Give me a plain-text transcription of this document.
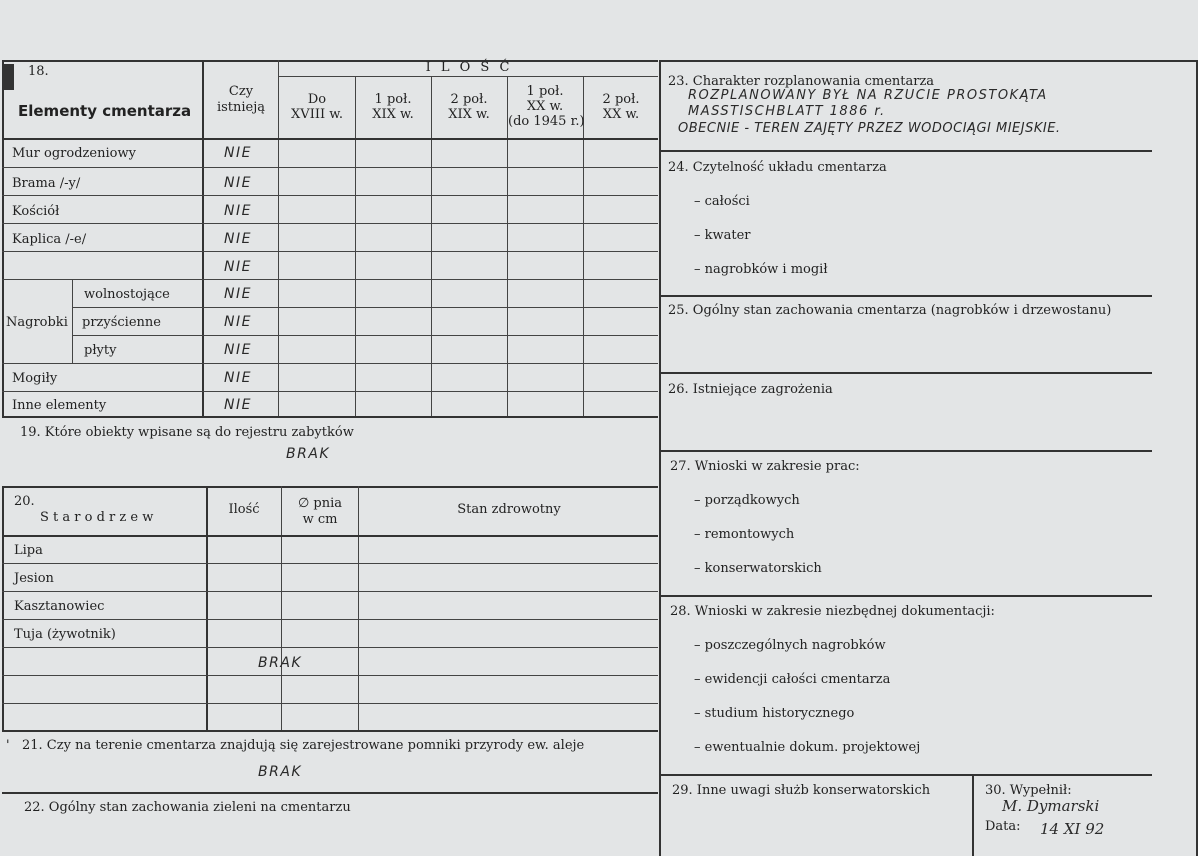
18.
Elementy cmentarza
Czy
istnieją
I L O Ś Ć
Do
XVIII w.
1 poł.
XIX w.
2 poł.
XIX w.
1 poł.
XX w.
(do 1945 r.)
2 poł.
XX w.
Mur ogrodzeniowy
Brama /-y/
Kościół
Kaplica /-e/
Nagrobki
wolnostojące
przyścienne
płyty
Mogiły
Inne elementy
NIE
NIE
NIE
NIE
NIE
NIE
NIE
NIE
NIE
NIE
19. Które obiekty wpisane są do rejestru zabytków
BRAK
20.
S t a r o d r z e w
Ilość	∅ pnia
w cm
Stan zdrowotny
Lipa
Jesion
Kasztanowiec
Tuja (żywotnik)
BRAK
' 21. Czy na terenie cmentarza znajdują się zarejestrowane pomniki przyrody ew. aleje
BRAK
22. Ogólny stan zachowania zieleni na cmentarzu
23. Charakter rozplanowania cmentarza
ROZPLANOWANY BYŁ NA RZUCIE PROSTOKĄTA
MASSTISCHBLATT 1886 r.
OBECNIE - TEREN ZAJĘTY PRZEZ WODOCIĄGI MIEJSKIE.
24. Czytelność układu cmentarza
– całości
– kwater
– nagrobków i mogił
25. Ogólny stan zachowania cmentarza (nagrobków i drzewostanu)
26. Istniejące zagrożenia
27. Wnioski w zakresie prac:
– porządkowych
– remontowych
– konserwatorskich
28. Wnioski w zakresie niezbędnej dokumentacji:
– poszczególnych nagrobków
– ewidencji całości cmentarza
– studium historycznego
– ewentualnie dokum. projektowej
29. Inne uwagi służb konserwatorskich	30. Wypełnił:
M. Dymarski
Data: 14 XI 92
